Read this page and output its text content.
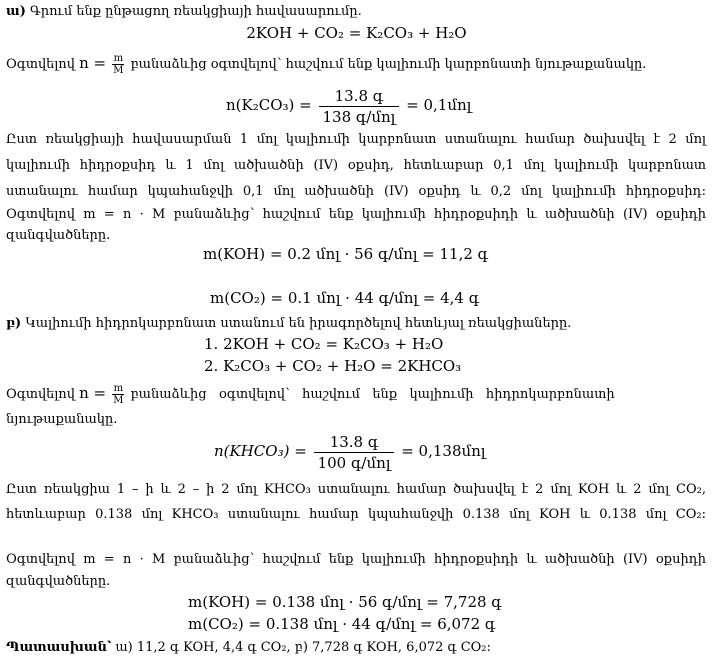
ա) Գրում ենք ընթացող ռեակցիայի հավասարումը.
2KOH + CO₂ = K₂CO₃ + H₂O
Օգտվելով $n = \frac{m}{M}$ բանաձևից օգտվելով՝ հաշվում ենք կալիումի կարբոնատի նյութաքանակը.
$n(K_2CO_3) = \frac{\text{13.8 գ}}{\text{138 գ/մոլ}}$ = 0,1մոլ
Ըստ ռեակցիայի հավասարման 1 մոլ կալիումի կարբոնատ ստանալու համար ծախսվել է 2 մոլ
կալիումի հիդրօքսիդ և 1 մոլ ածխածնի (IV) օքսիդ, հետևաբար 0,1 մոլ կալիումի կարբոնատ
ստանալու համար կպահանջվի 0,1 մոլ ածխածնի (IV) օքսիդ և 0,2 մոլ կալիումի հիդրօքսիդ:
Օգտվելով m = n · M բանաձևից՝ հաշվում ենք կալիումի հիդրօքսիդի և ածխածնի (IV) օքսիդի
զանգվածները.
m(KOH) = 0.2 մոլ · 56 գ/մոլ = 11,2 գ
m(CO₂) = 0.1 մոլ · 44 գ/մոլ = 4,4 գ
բ) Կալիումի հիդրոկարբոնատ ստանում են իրագործելով հետևյալ ռեակցիաները.
1. 2KOH + CO₂ = K₂CO₃ + H₂O
2. K₂CO₃ + CO₂ + H₂O = 2KHCO₃
Օգտվելով $n = \frac{m}{M}$ բանաձևից   օգտվելով՝   հաշվում   ենք   կալիումի   հիդրոկարբոնատի
նյութաքանակը.
n(KHCO₃) = $\frac{\text{13.8 գ}}{\text{100 գ/մոլ}}$ = 0,138մոլ
Ըստ ռեակցիա 1 – ի և 2 – ի 2 մոլ KHCO₃ ստանալու համար ծախսվել է 2 մոլ KOH և 2 մոլ CO₂,
հետևաբար 0.138 մոլ KHCO₃ ստանալու համար կպահանջվի 0.138 մոլ KOH և 0.138 մոլ CO₂:
Օգտվելով m = n · M բանաձևից՝ հաշվում ենք կալիումի հիդրօքսիդի և ածխածնի (IV) օքսիդի
զանգվածները.
m(KOH) = 0.138 մոլ · 56 գ/մոլ = 7,728 գ
m(CO₂) = 0.138 մոլ · 44 գ/մոլ = 6,072 գ
Պատասխան՝ ա) 11,2 գ KOH, 4,4 գ CO₂, բ) 7,728 գ KOH, 6,072 գ CO₂:
